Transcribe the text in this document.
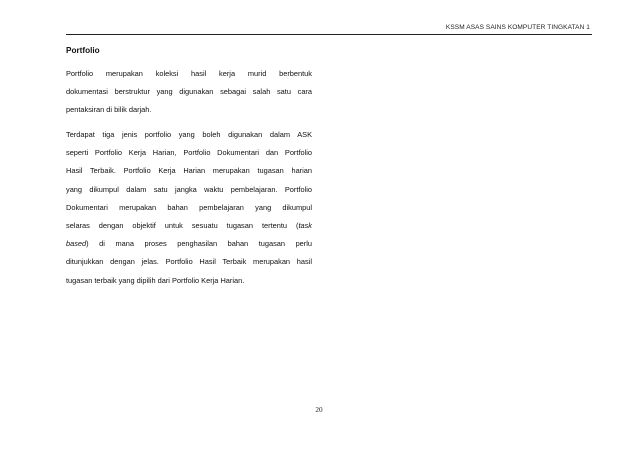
KSSM ASAS SAINS KOMPUTER TINGKATAN 1
Portfolio
Portfolio merupakan koleksi hasil kerja murid berbentuk
dokumentasi berstruktur yang digunakan sebagai salah satu cara
pentaksiran di bilik darjah.
Terdapat tiga jenis portfolio yang boleh digunakan dalam ASK
seperti Portfolio Kerja Harian, Portfolio Dokumentari dan Portfolio
Hasil Terbaik. Portfolio Kerja Harian merupakan tugasan harian
yang dikumpul dalam satu jangka waktu pembelajaran. Portfolio
Dokumentari merupakan bahan pembelajaran yang dikumpul
selaras dengan objektif untuk sesuatu tugasan tertentu (task
based) di mana proses penghasilan bahan tugasan perlu
ditunjukkan dengan jelas. Portfolio Hasil Terbaik merupakan hasil
tugasan terbaik yang dipilih dari Portfolio Kerja Harian.
20
